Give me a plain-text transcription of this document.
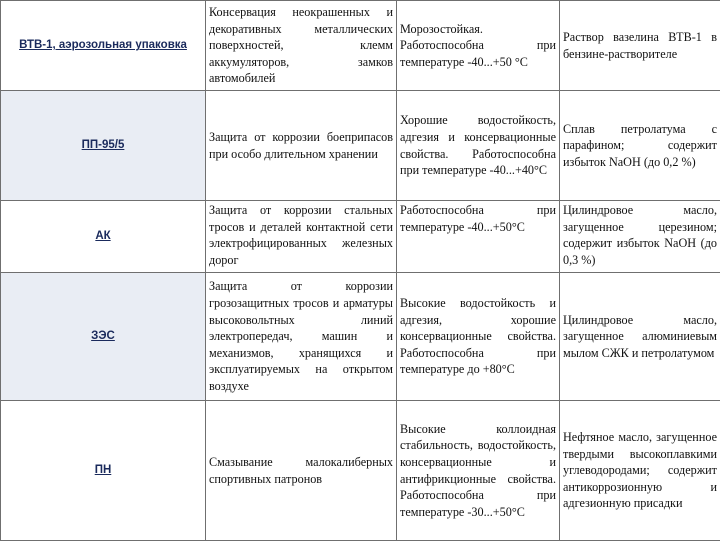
ВТВ-1, аэрозольная упаковка	Консервация неокрашенных и декоративных металлических поверхностей, клемм аккумуляторов, замков автомобилей	Морозостойкая. Работоспособна при температуре -40...+50 °С	Раствор вазелина ВТВ-1 в бензине-растворителе
ПП-95/5	Защита от коррозии боеприпасов при особо длительном хранении	Хорошие водостойкость, адгезия и консервационные свойства. Работоспособна при температуре -40...+40°С	Сплав петролатума с парафином; содержит избыток NaOH (до 0,2 %)
АК	Защита от коррозии стальных тросов и деталей контактной сети электрофицированных железных дорог	Работоспособна при температуре -40...+50°С	Цилиндровое масло, загущенное церезином; содержит избыток NaOH (до 0,3 %)
ЗЭС	Защита от коррозии грозозащитных тросов и арматуры высоковольтных линий электропередач, машин и механизмов, хранящихся и эксплуатируемых на открытом воздухе	Высокие водостойкость и адгезия, хорошие консервационные свойства. Работоспособна при температуре до +80°С	Цилиндровое масло, загущенное алюминиевым мылом СЖК и петролатумом
ПН	Смазывание малокалиберных спортивных патронов	Высокие коллоидная стабильность, водостойкость, консервационные и антифрикционные свойства. Работоспособна при температуре -30...+50°С	Нефтяное масло, загущенное твердыми высокоплавкими углеводородами; содержит антикоррозионную и адгезионную присадки
